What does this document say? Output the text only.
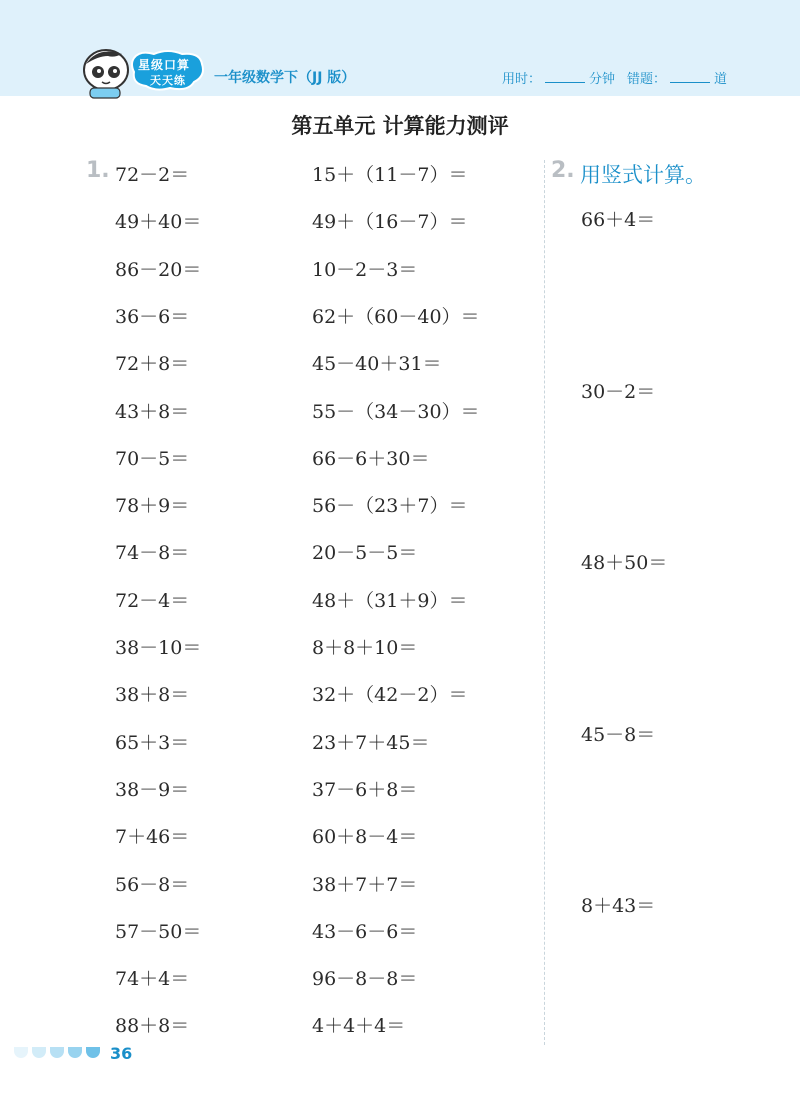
星级口算
天天练 一年级数学下（JJ 版）	用时：	分钟 错题：	道
第五单元 计算能力测评
1.	2. 用竖式计算。
72－2＝
49＋40＝
86－20＝
36－6＝
72＋8＝
43＋8＝
70－5＝
78＋9＝
74－8＝
72－4＝
38－10＝
38＋8＝
65＋3＝
38－9＝
7＋46＝
56－8＝
57－50＝
74＋4＝
88＋8＝
15＋（11－7）＝
49＋（16－7）＝
10－2－3＝
62＋（60－40）＝
45－40＋31＝
55－（34－30）＝
66－6＋30＝
56－（23＋7）＝
20－5－5＝
48＋（31＋9）＝
8＋8＋10＝
32＋（42－2）＝
23＋7＋45＝
37－6＋8＝
60＋8－4＝
38＋7＋7＝
43－6－6＝
96－8－8＝
4＋4＋4＝
66＋4＝
30－2＝
48＋50＝
45－8＝
8＋43＝
36
